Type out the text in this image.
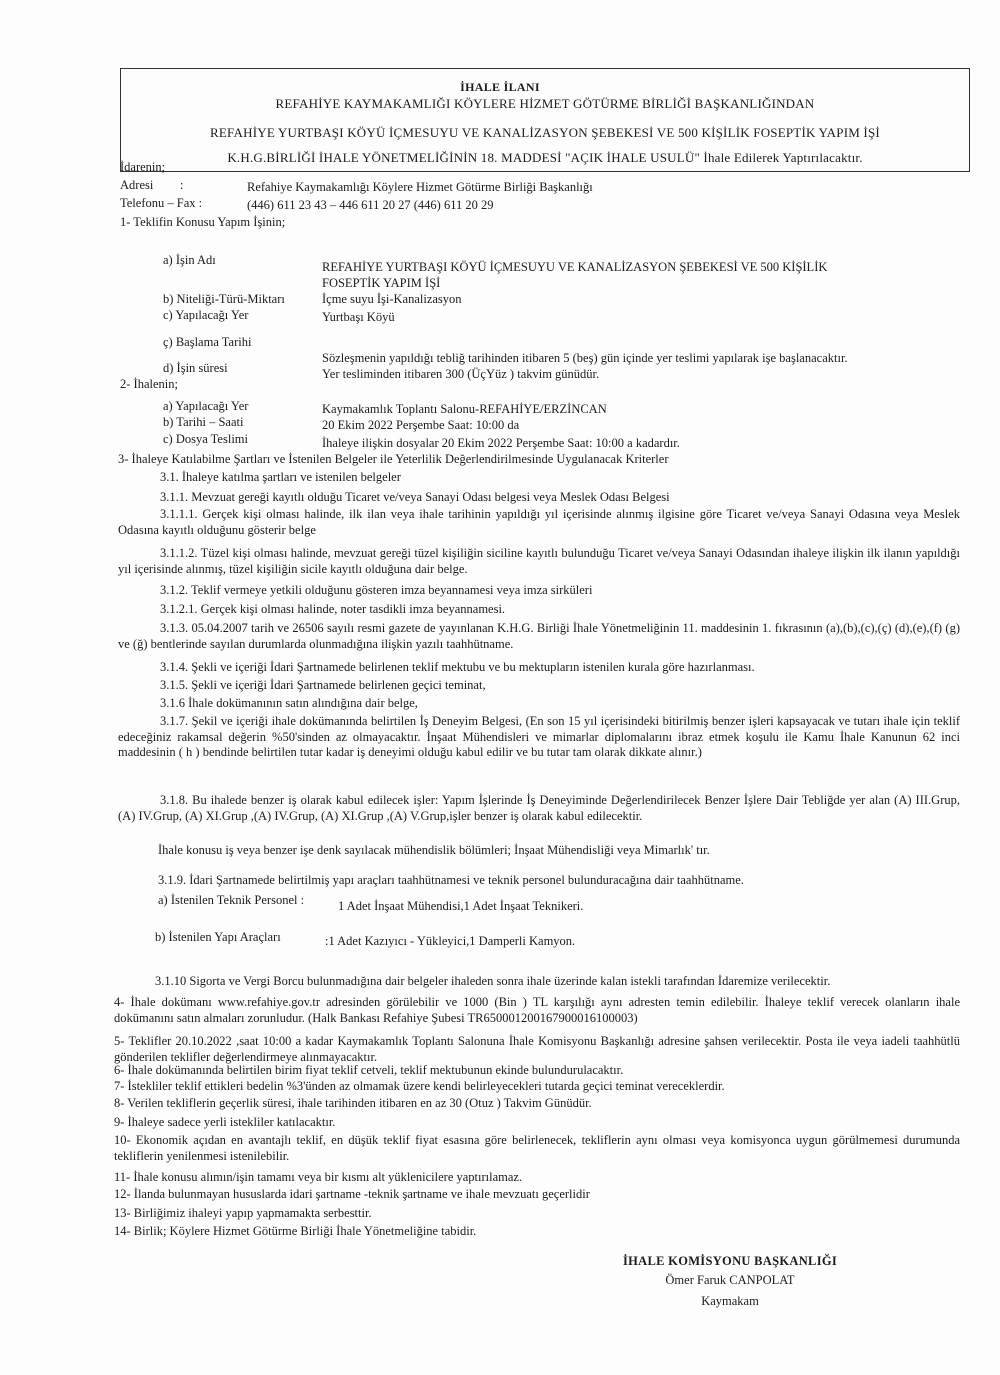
İHALE İLANI
REFAHİYE KAYMAKAMLIĞI KÖYLERE HİZMET GÖTÜRME BİRLİĞİ BAŞKANLIĞINDAN
REFAHİYE YURTBAŞI KÖYÜ İÇMESUYU VE KANALİZASYON ŞEBEKESİ VE 500 KİŞİLİK FOSEPTİK YAPIM İŞİ
K.H.G.BİRLİĞİ İHALE YÖNETMELİĞİNİN 18. MADDESİ "AÇIK İHALE USULÜ" İhale Edilerek Yaptırılacaktır.
İdarenin;
Adresi :	Refahiye Kaymakamlığı Köylere Hizmet Götürme Birliği Başkanlığı
Telefonu – Fax :	(446) 611 23 43 – 446 611 20 27 (446) 611 20 29
1- Teklifin Konusu Yapım İşinin;
a) İşin Adı	REFAHİYE YURTBAŞI KÖYÜ İÇMESUYU VE KANALİZASYON ŞEBEKESİ VE 500 KİŞİLİK
FOSEPTİK YAPIM İŞİ
b) Niteliği-Türü-Miktarı	İçme suyu İşi-Kanalizasyon
c) Yapılacağı Yer	Yurtbaşı Köyü
ç) Başlama Tarihi
Sözleşmenin yapıldığı tebliğ tarihinden itibaren 5 (beş) gün içinde yer teslimi yapılarak işe başlanacaktır.
d) İşin süresi	Yer tesliminden itibaren 300 (ÜçYüz ) takvim günüdür.
2- İhalenin;
a) Yapılacağı Yer	Kaymakamlık Toplantı Salonu-REFAHİYE/ERZİNCAN
b) Tarihi – Saati	20 Ekim 2022 Perşembe Saat: 10:00 da
c) Dosya Teslimi	İhaleye ilişkin dosyalar 20 Ekim 2022 Perşembe Saat: 10:00 a kadardır.
3- İhaleye Katılabilme Şartları ve İstenilen Belgeler ile Yeterlilik Değerlendirilmesinde Uygulanacak Kriterler
3.1. İhaleye katılma şartları ve istenilen belgeler
3.1.1. Mevzuat gereği kayıtlı olduğu Ticaret ve/veya Sanayi Odası belgesi veya Meslek Odası Belgesi
3.1.1.1. Gerçek kişi olması halinde, ilk ilan veya ihale tarihinin yapıldığı yıl içerisinde alınmış ilgisine göre Ticaret ve/veya Sanayi Odasına veya Meslek Odasına kayıtlı olduğunu gösterir belge
3.1.1.2. Tüzel kişi olması halinde, mevzuat gereği tüzel kişiliğin siciline kayıtlı bulunduğu Ticaret ve/veya Sanayi Odasından ihaleye ilişkin ilk ilanın yapıldığı yıl içerisinde alınmış, tüzel kişiliğin sicile kayıtlı olduğuna dair belge.
3.1.2. Teklif vermeye yetkili olduğunu gösteren imza beyannamesi veya imza sirküleri
3.1.2.1. Gerçek kişi olması halinde, noter tasdikli imza beyannamesi.
3.1.3. 05.04.2007 tarih ve 26506 sayılı resmi gazete de yayınlanan K.H.G. Birliği İhale Yönetmeliğinin 11. maddesinin 1. fıkrasının (a),(b),(c),(ç) (d),(e),(f) (g) ve (ğ) bentlerinde sayılan durumlarda olunmadığına ilişkin yazılı taahhütname.
3.1.4. Şekli ve içeriği İdari Şartnamede belirlenen teklif mektubu ve bu mektupların istenilen kurala göre hazırlanması.
3.1.5. Şekli ve içeriği İdari Şartnamede belirlenen geçici teminat,
3.1.6 İhale dokümanının satın alındığına dair belge,
3.1.7. Şekil ve içeriği ihale dokümanında belirtilen İş Deneyim Belgesi, (En son 15 yıl içerisindeki bitirilmiş benzer işleri kapsayacak ve tutarı ihale için teklif edeceğiniz rakamsal değerin %50'sinden az olmayacaktır. İnşaat Mühendisleri ve mimarlar diplomalarını ibraz etmek koşulu ile Kamu İhale Kanunun 62 inci maddesinin ( h ) bendinde belirtilen tutar kadar iş deneyimi olduğu kabul edilir ve bu tutar tam olarak dikkate alınır.)
3.1.8. Bu ihalede benzer iş olarak kabul edilecek işler: Yapım İşlerinde İş Deneyiminde Değerlendirilecek Benzer İşlere Dair Tebliğde yer alan (A) III.Grup, (A) IV.Grup, (A) XI.Grup ,(A) IV.Grup, (A) XI.Grup ,(A) V.Grup,işler benzer iş olarak kabul edilecektir.
İhale konusu iş veya benzer işe denk sayılacak mühendislik bölümleri; İnşaat Mühendisliği veya Mimarlık' tır.
3.1.9. İdari Şartnamede belirtilmiş yapı araçları taahhütnamesi ve teknik personel bulunduracağına dair taahhütname.
a) İstenilen Teknik Personel :	1 Adet İnşaat Mühendisi,1 Adet İnşaat Teknikeri.
b) İstenilen Yapı Araçları	:1 Adet Kazıyıcı - Yükleyici,1 Damperli Kamyon.
3.1.10 Sigorta ve Vergi Borcu bulunmadığına dair belgeler ihaleden sonra ihale üzerinde kalan istekli tarafından İdaremize verilecektir.
4- İhale dokümanı www.refahiye.gov.tr adresinden görülebilir ve 1000 (Bin ) TL karşılığı aynı adresten temin edilebilir. İhaleye teklif verecek olanların ihale dokümanını satın almaları zorunludur. (Halk Bankası Refahiye Şubesi TR650001200167900016100003)
5- Teklifler 20.10.2022 ,saat 10:00 a kadar Kaymakamlık Toplantı Salonuna İhale Komisyonu Başkanlığı adresine şahsen verilecektir. Posta ile veya iadeli taahhütlü gönderilen teklifler değerlendirmeye alınmayacaktır.
6- İhale dokümanında belirtilen birim fiyat teklif cetveli, teklif mektubunun ekinde bulundurulacaktır.
7- İstekliler teklif ettikleri bedelin %3'ünden az olmamak üzere kendi belirleyecekleri tutarda geçici teminat vereceklerdir.
8- Verilen tekliflerin geçerlik süresi, ihale tarihinden itibaren en az 30 (Otuz ) Takvim Günüdür.
9- İhaleye sadece yerli istekliler katılacaktır.
10- Ekonomik açıdan en avantajlı teklif, en düşük teklif fiyat esasına göre belirlenecek, tekliflerin aynı olması veya komisyonca uygun görülmemesi durumunda tekliflerin yenilenmesi istenilebilir.
11- İhale konusu alımın/işin tamamı veya bir kısmı alt yüklenicilere yaptırılamaz.
12- İlanda bulunmayan hususlarda idari şartname -teknik şartname ve ihale mevzuatı geçerlidir
13- Birliğimiz ihaleyi yapıp yapmamakta serbesttir.
14- Birlik; Köylere Hizmet Götürme Birliği İhale Yönetmeliğine tabidir.
İHALE KOMİSYONU BAŞKANLIĞI
Ömer Faruk CANPOLAT
Kaymakam
